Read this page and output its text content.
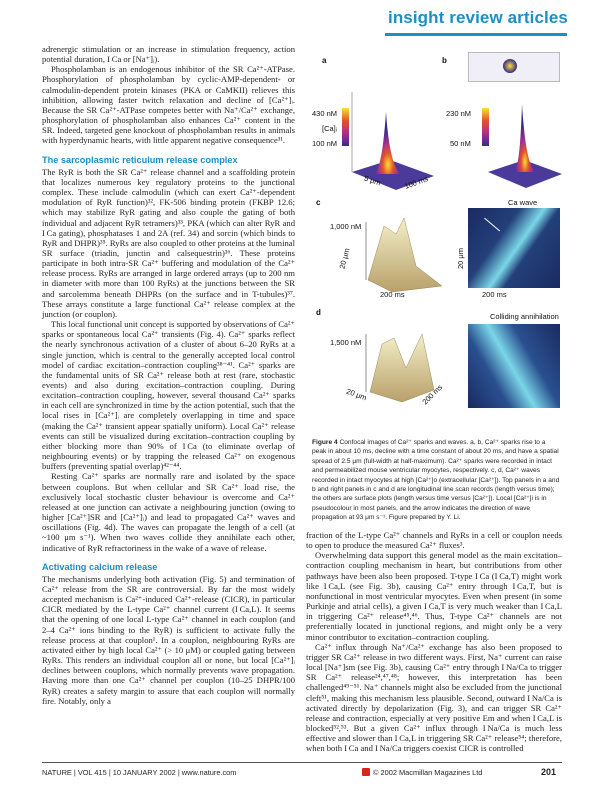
insight review articles

adrenergic stimulation or an increase in stimulation frequency, action potential duration, I Ca or [Na⁺]ᵢ).

Phospholamban is an endogenous inhibitor of the SR Ca²⁺-ATPase. Phosphorylation of phospholamban by cyclic-AMP-dependent- or calmodulin-dependent protein kinases (PKA or CaMKII) relieves this inhibition, allowing faster twitch relaxation and decline of [Ca²⁺]ᵢ. Because the SR Ca²⁺-ATPase competes better with Na⁺/Ca²⁺ exchange, phosphorylation of phospholamban also enhances Ca²⁺ content in the SR. Indeed, targeted gene knockout of phospholamban results in animals with hyperdynamic hearts, with little apparent negative consequence³¹.

The sarcoplasmic reticulum release complex

The RyR is both the SR Ca²⁺ release channel and a scaffolding protein that localizes numerous key regulatory proteins to the junctional complex. These include calmodulin (which can exert Ca²⁺-dependent modulation of RyR function)³², FK-506 binding protein (FKBP 12.6; which may stabilize RyR gating and also couple the gating of both individual and adjacent RyR tetramers)³³, PKA (which can alter RyR and I Ca gating), phosphatases 1 and 2A (ref. 34) and sorcin (which binds to RyR and DHPR)³⁵. RyRs are also coupled to other proteins at the luminal SR surface (triadin, junctin and calsequestrin)³⁶. These proteins participate in both intra-SR Ca²⁺ buffering and modulation of the Ca²⁺ release process. RyRs are arranged in large ordered arrays (up to 200 nm in diameter with more than 100 RyRs) at the junctions between the SR and sarcolemma beneath DHPRs (on the surface and in T-tubules)³⁷. These arrays constitute a large functional Ca²⁺ release complex at the junction (or couplon).

This local functional unit concept is supported by observations of Ca²⁺ sparks or spontaneous local Ca²⁺ transients (Fig. 4). Ca²⁺ sparks reflect the nearly synchronous activation of a cluster of about 6–20 RyRs at a single junction, which is central to the generally accepted local control model of cardiac excitation–contraction coupling³⁸⁻⁴¹. Ca²⁺ sparks are the fundamental units of SR Ca²⁺ release both at rest (rare, stochastic events) and also during excitation–contraction coupling. During excitation–contraction coupling, however, several thousand Ca²⁺ sparks in each cell are synchronized in time by the action potential, such that the local rises in [Ca²⁺]ᵢ are completely overlapping in time and space (making the Ca²⁺ transient appear spatially uniform). Local Ca²⁺ release events can still be visualized during excitation–contraction coupling by either blocking more than 90% of I Ca (to eliminate overlap of neighbouring events) or by trapping the released Ca²⁺ on exogenous buffers (preventing spatial overlap)⁴²⁻⁴⁴.

Resting Ca²⁺ sparks are normally rare and isolated by the space between couplons. But when cellular and SR Ca²⁺ load rise, the exclusively local stochastic cluster behaviour is overcome and Ca²⁺ released at one junction can activate a neighbouring junction (owing to higher [Ca²⁺]SR and [Ca²⁺]ᵢ) and lead to propagated Ca²⁺ waves and oscillations (Fig. 4d). The waves can propagate the length of a cell (at ~100 μm s⁻¹). When two waves collide they annihilate each other, indicative of RyR refractoriness in the wake of a wave of release.

Activating calcium release

The mechanisms underlying both activation (Fig. 5) and termination of Ca²⁺ release from the SR are controversial. By far the most widely accepted mechanism is Ca²⁺-induced Ca²⁺-release (CICR), in particular CICR mediated by the L-type Ca²⁺ channel current (I Ca,L). It seems that the opening of one local L-type Ca²⁺ channel in each couplon (and 2–4 Ca²⁺ ions binding to the RyR) is sufficient to activate fully the release process at that couplon¹. In a couplon, neighbouring RyRs are activated either by high local Ca²⁺ (> 10 μM) or coupled gating between RyRs. This renders an individual couplon all or none, but local [Ca²⁺]ᵢ declines between couplons, which normally prevents wave propagation. Having more than one Ca²⁺ channel per couplon (10–25 DHPR/100 RyR) creates a safety margin to assure that each couplon will normally fire. Notably, only a

a
430 nM
[Ca]ᵢ
100 nM
5 μm	100 ms
b
230 nM
50 nM
c
1,000 nM
20 μm
200 ms
Ca wave
20 μm
200 ms
d
1,500 nM
20 μm	200 ms
Colliding annihilation
Figure 4 Confocal images of Ca²⁺ sparks and waves. a, b, Ca²⁺ sparks rise to a peak in about 10 ms, decline with a time constant of about 20 ms, and have a spatial spread of 2.5 μm (full-width at half-maximum). Ca²⁺ sparks were recorded in intact and permeabilized mouse ventricular myocytes, respectively. c, d, Ca²⁺ waves recorded in intact myocytes at high [Ca²⁺]o (extracellular [Ca²⁺]). Top panels in a and b and right panels in c and d are longitudinal line scan records (length versus time); the others are surface plots (length versus time versus [Ca²⁺]). Local [Ca²⁺]i is in pseudocolour in most panels, and the arrow indicates the direction of wave propagation at 93 μm s⁻¹. Figure prepared by Y. Li.

fraction of the L-type Ca²⁺ channels and RyRs in a cell or couplon needs to open to produce the measured Ca²⁺ fluxes³.

Overwhelming data support this general model as the main excitation–contraction coupling mechanism in heart, but contributions from other pathways have been also been proposed. T-type I Ca (I Ca,T) might work like I Ca,L (see Fig. 3b), causing Ca²⁺ entry through I Ca,T, but is nonfunctional in most ventricular myocytes. Even when present (in some Purkinje and atrial cells), a given I Ca,T is very much weaker than I Ca,L in triggering Ca²⁺ release⁴⁵,⁴⁶. Thus, T-type Ca²⁺ channels are not preferentially located in junctional regions, and might only be a very minor contributor to excitation–contraction coupling.

Ca²⁺ influx through Na⁺/Ca²⁺ exchange has also been proposed to trigger SR Ca²⁺ release in two different ways. First, Na⁺ current can raise local [Na⁺]sm (see Fig. 3b), causing Ca²⁺ entry through I Na/Ca to trigger SR Ca²⁺ release²⁴,⁴⁷,⁴⁸; however, this interpretation has been challenged⁴⁹⁻⁵¹. Na⁺ channels might also be excluded from the junctional cleft⁵¹, making this mechanism less plausible. Second, outward I Na/Ca is activated directly by depolarization (Fig. 3), and can trigger SR Ca²⁺ release and contraction, especially at very positive Em and when I Ca,L is blocked⁵²,⁵³. But a given Ca²⁺ influx through I Na/Ca is much less effective and slower than I Ca,L in triggering SR Ca²⁺ release⁵⁴; therefore, when both I Ca and I Na/Ca triggers coexist CICR is controlled

NATURE | VOL 415 | 10 JANUARY 2002 | www.nature.com	© 2002 Macmillan Magazines Ltd	201
